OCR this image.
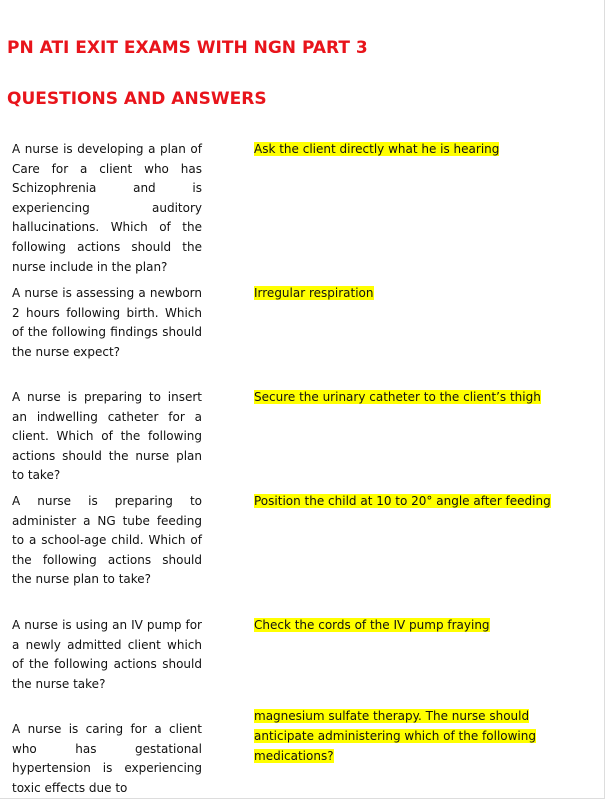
PN ATI EXIT EXAMS WITH NGN PART 3
QUESTIONS AND ANSWERS

A nurse is developing a plan of Care for a client who has Schizophrenia and is experiencing auditory hallucinations. Which of the following actions should the nurse include in the plan?

Ask the client directly what he is hearing

A nurse is assessing a newborn 2 hours following birth. Which of the following findings should the nurse expect?

Irregular respiration

A nurse is preparing to insert an indwelling catheter for a client. Which of the following actions should the nurse plan to take?

Secure the urinary catheter to the client’s thigh

A nurse is preparing to administer a NG tube feeding to a school-age child. Which of the following actions should the nurse plan to take?

Position the child at 10 to 20° angle after feeding

A nurse is using an IV pump for a newly admitted client which of the following actions should the nurse take?

Check the cords of the IV pump fraying

A nurse is caring for a client who has gestational hypertension is experiencing toxic effects due to

magnesium sulfate therapy. The nurse should anticipate administering which of the following medications?
